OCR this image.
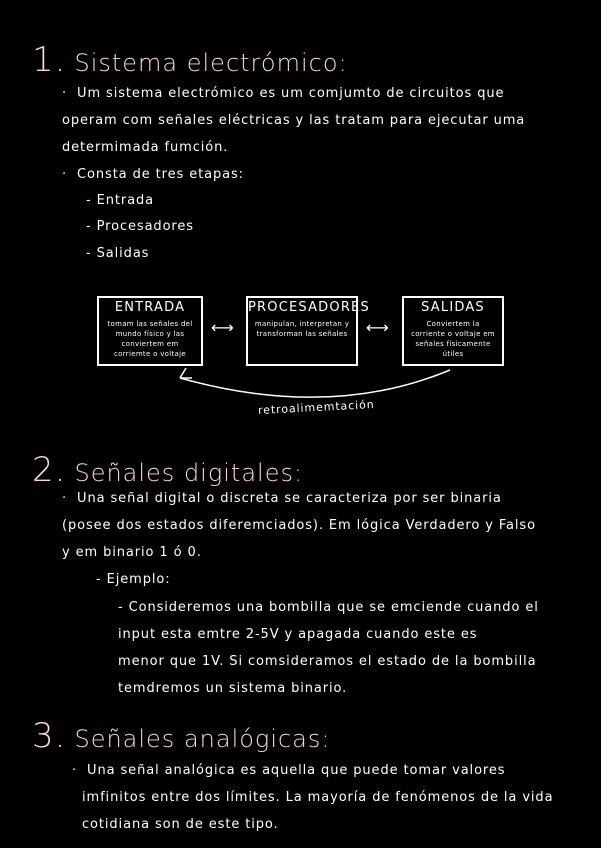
1. Sistema electrómico:
· Um sistema electrómico es um comjumto de circuitos que
operam com señales eléctricas y las tratam para ejecutar uma
determimada fumción.
· Consta de tres etapas:
- Entrada
- Procesadores
- Salidas
ENTRADA
tomam las señales del mundo físico y las conviertem em corriemte o voltaje
⟷
PROCESADORES
manipulan, interpretan y transforman las señales	⟷
SALIDAS
Conviertem la corriente o voltaje em señales físicamente útiles
retroalimemtación
2. Señales digitales:
· Una señal digital o discreta se caracteriza por ser binaria
(posee dos estados diferemciados). Em lógica Verdadero y Falso
y em binario 1 ó 0.
- Ejemplo:
- Consideremos una bombilla que se emciende cuando el
input esta emtre 2-5V y apagada cuando este es
menor que 1V. Si comsideramos el estado de la bombilla
temdremos un sistema binario.
3. Señales analógicas:
· Una señal analógica es aquella que puede tomar valores
imfinitos entre dos límites. La mayoría de fenómenos de la vida
cotidiana son de este tipo.
